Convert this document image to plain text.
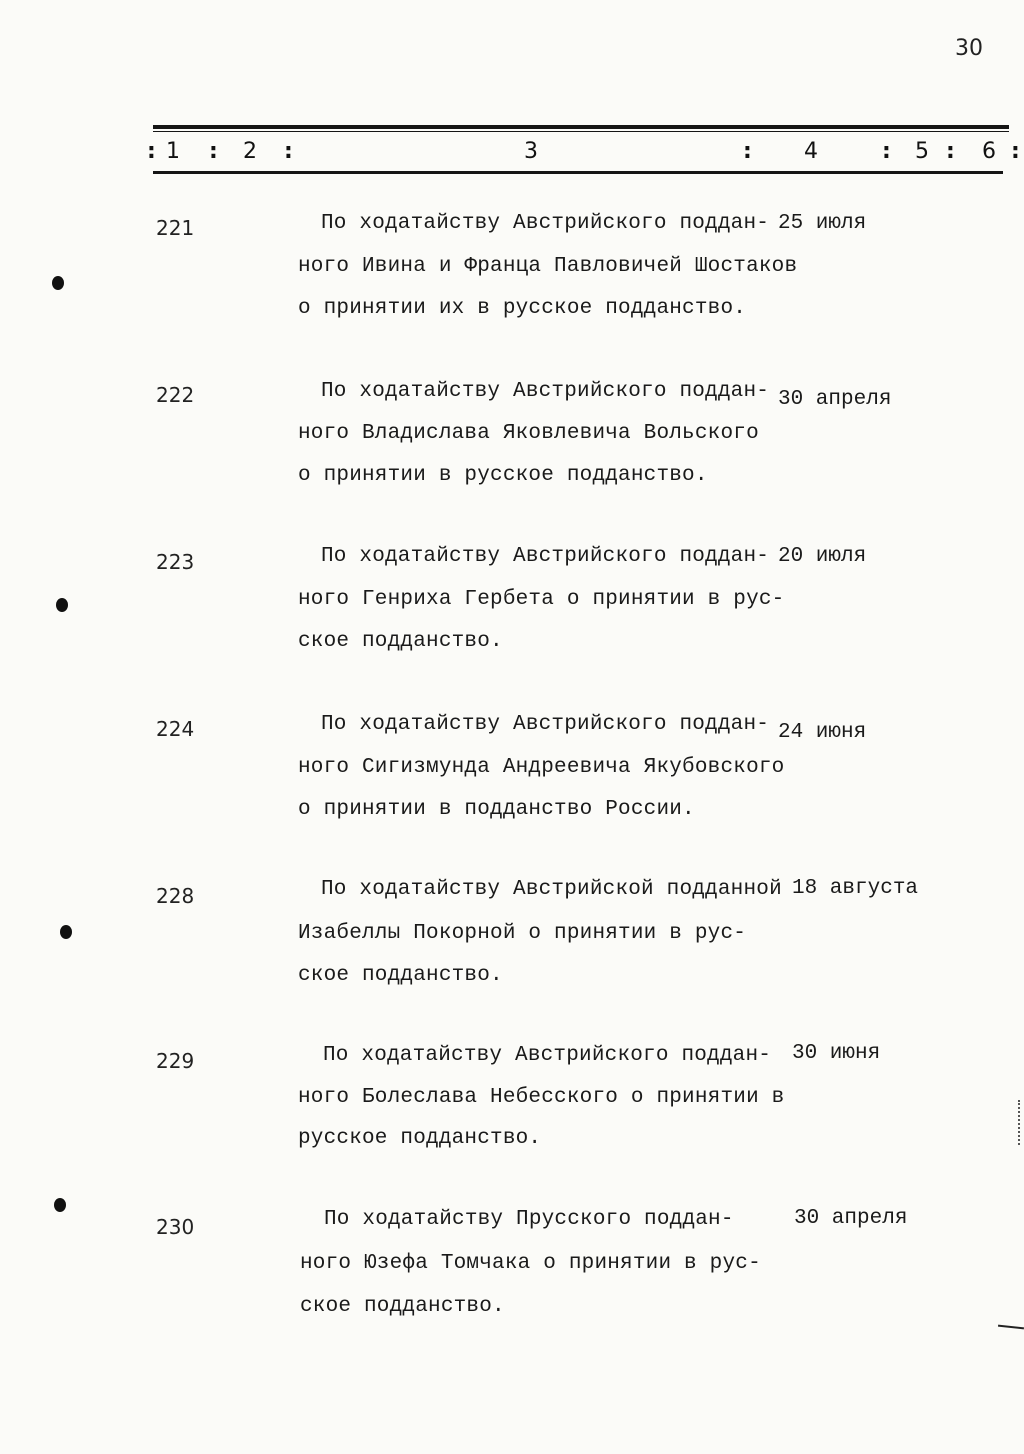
30
: 1 : 2 :	3	: 4	: 5 : 6 :
221	По ходатайству Австрийского поддан-
ного Ивина и Франца Павловичей Шостаков
о принятии их в русское подданство.
25 июля
222	По ходатайству Австрийского поддан-
ного Владислава Яковлевича Вольского
о принятии в русское подданство.
30 апреля
223	По ходатайству Австрийского поддан-
ного Генриха Гербета о принятии в рус-
ское подданство.
20 июля
224	По ходатайству Австрийского поддан-
ного Сигизмунда Андреевича Якубовского
о принятии в подданство России.
24 июня
228	По ходатайству Австрийской подданной
Изабеллы Покорной о принятии в рус-
ское подданство.
18 августа
229	По ходатайству Австрийского поддан-
ного Болеслава Небесского о принятии в
русское подданство.
30 июня
230	По ходатайству Прусского поддан-
ного Юзефа Томчака о принятии в рус-
ское подданство.
30 апреля
